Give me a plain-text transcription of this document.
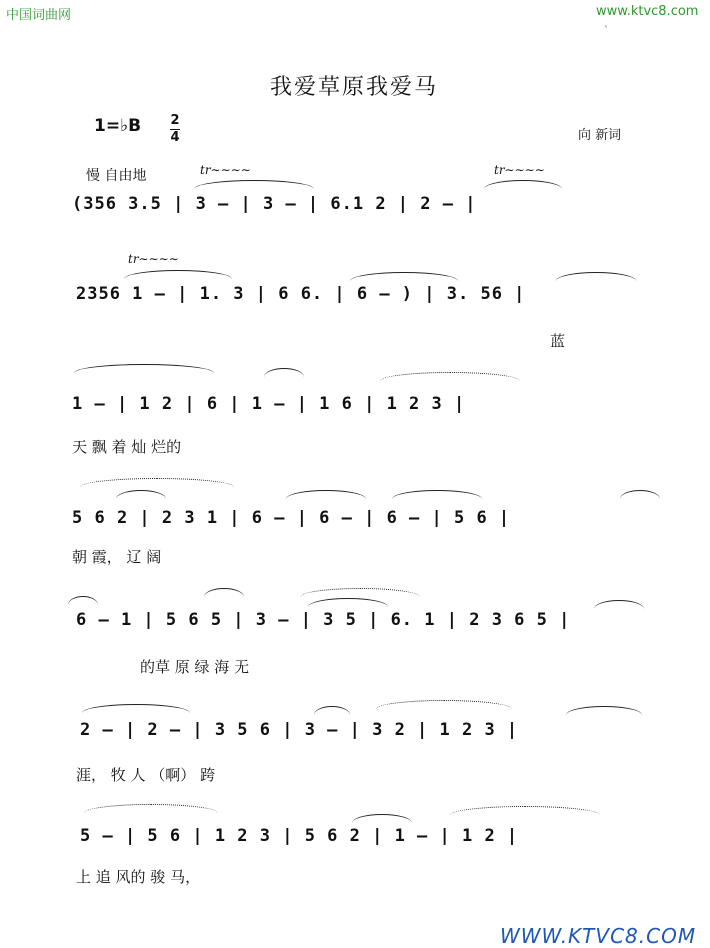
中国词曲网	www.ktvc8.com
ˋ
我爱草原我爱马
1=♭B 2
4	向 新词
慢 自由地	tr∼∼∼∼	tr∼∼∼∼
tr∼∼∼∼
(356 3.5 | 3 – | 3 – | 6.1 2 | 2 – |
2356 1 – | 1. 3 | 6 6. | 6 – ) | 3. 56 |
蓝
1 – | 1 2 | 6 | 1 – | 1 6 | 1 2 3 |
天 飘 着 灿 烂的
5 6 2 | 2 3 1 | 6 – | 6 – | 6 – | 5 6 |
朝 霞， 辽 阔
6 – 1 | 5 6 5 | 3 – | 3 5 | 6. 1 | 2 3 6 5 |
的草 原 绿 海 无
2 – | 2 – | 3 5 6 | 3 – | 3 2 | 1 2 3 |
涯， 牧 人 （啊） 跨
5 – | 5 6 | 1 2 3 | 5 6 2 | 1 – | 1 2 |
上 追 风的 骏 马，
WWW.KTVC8.COM
